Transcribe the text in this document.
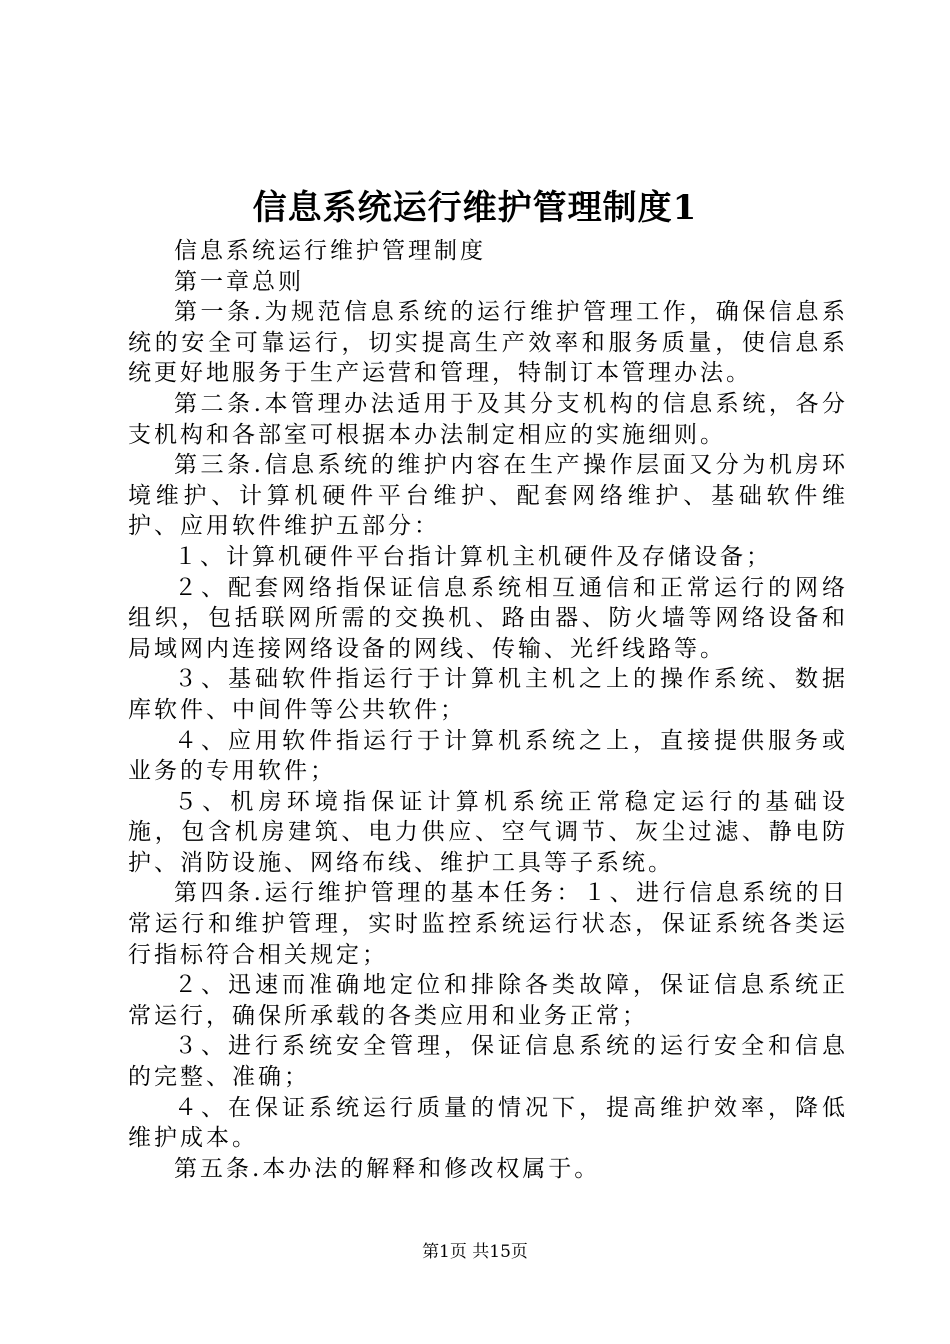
信息系统运行维护管理制度1

信息系统运行维护管理制度

第一章总则

第一条.为规范信息系统的运行维护管理工作，确保信息系统的安全可靠运行，切实提高生产效率和服务质量，使信息系统更好地服务于生产运营和管理，特制订本管理办法。

第二条.本管理办法适用于及其分支机构的信息系统，各分支机构和各部室可根据本办法制定相应的实施细则。

第三条.信息系统的维护内容在生产操作层面又分为机房环境维护、计算机硬件平台维护、配套网络维护、基础软件维护、应用软件维护五部分：

１、计算机硬件平台指计算机主机硬件及存储设备；

２、配套网络指保证信息系统相互通信和正常运行的网络组织，包括联网所需的交换机、路由器、防火墙等网络设备和局域网内连接网络设备的网线、传输、光纤线路等。

３、基础软件指运行于计算机主机之上的操作系统、数据库软件、中间件等公共软件；

４、应用软件指运行于计算机系统之上，直接提供服务或业务的专用软件；

５、机房环境指保证计算机系统正常稳定运行的基础设施，包含机房建筑、电力供应、空气调节、灰尘过滤、静电防护、消防设施、网络布线、维护工具等子系统。

第四条.运行维护管理的基本任务：１、进行信息系统的日常运行和维护管理，实时监控系统运行状态，保证系统各类运行指标符合相关规定；

２、迅速而准确地定位和排除各类故障，保证信息系统正常运行，确保所承载的各类应用和业务正常；

３、进行系统安全管理，保证信息系统的运行安全和信息的完整、准确；

４、在保证系统运行质量的情况下，提高维护效率，降低维护成本。

第五条.本办法的解释和修改权属于。

第1页 共15页
